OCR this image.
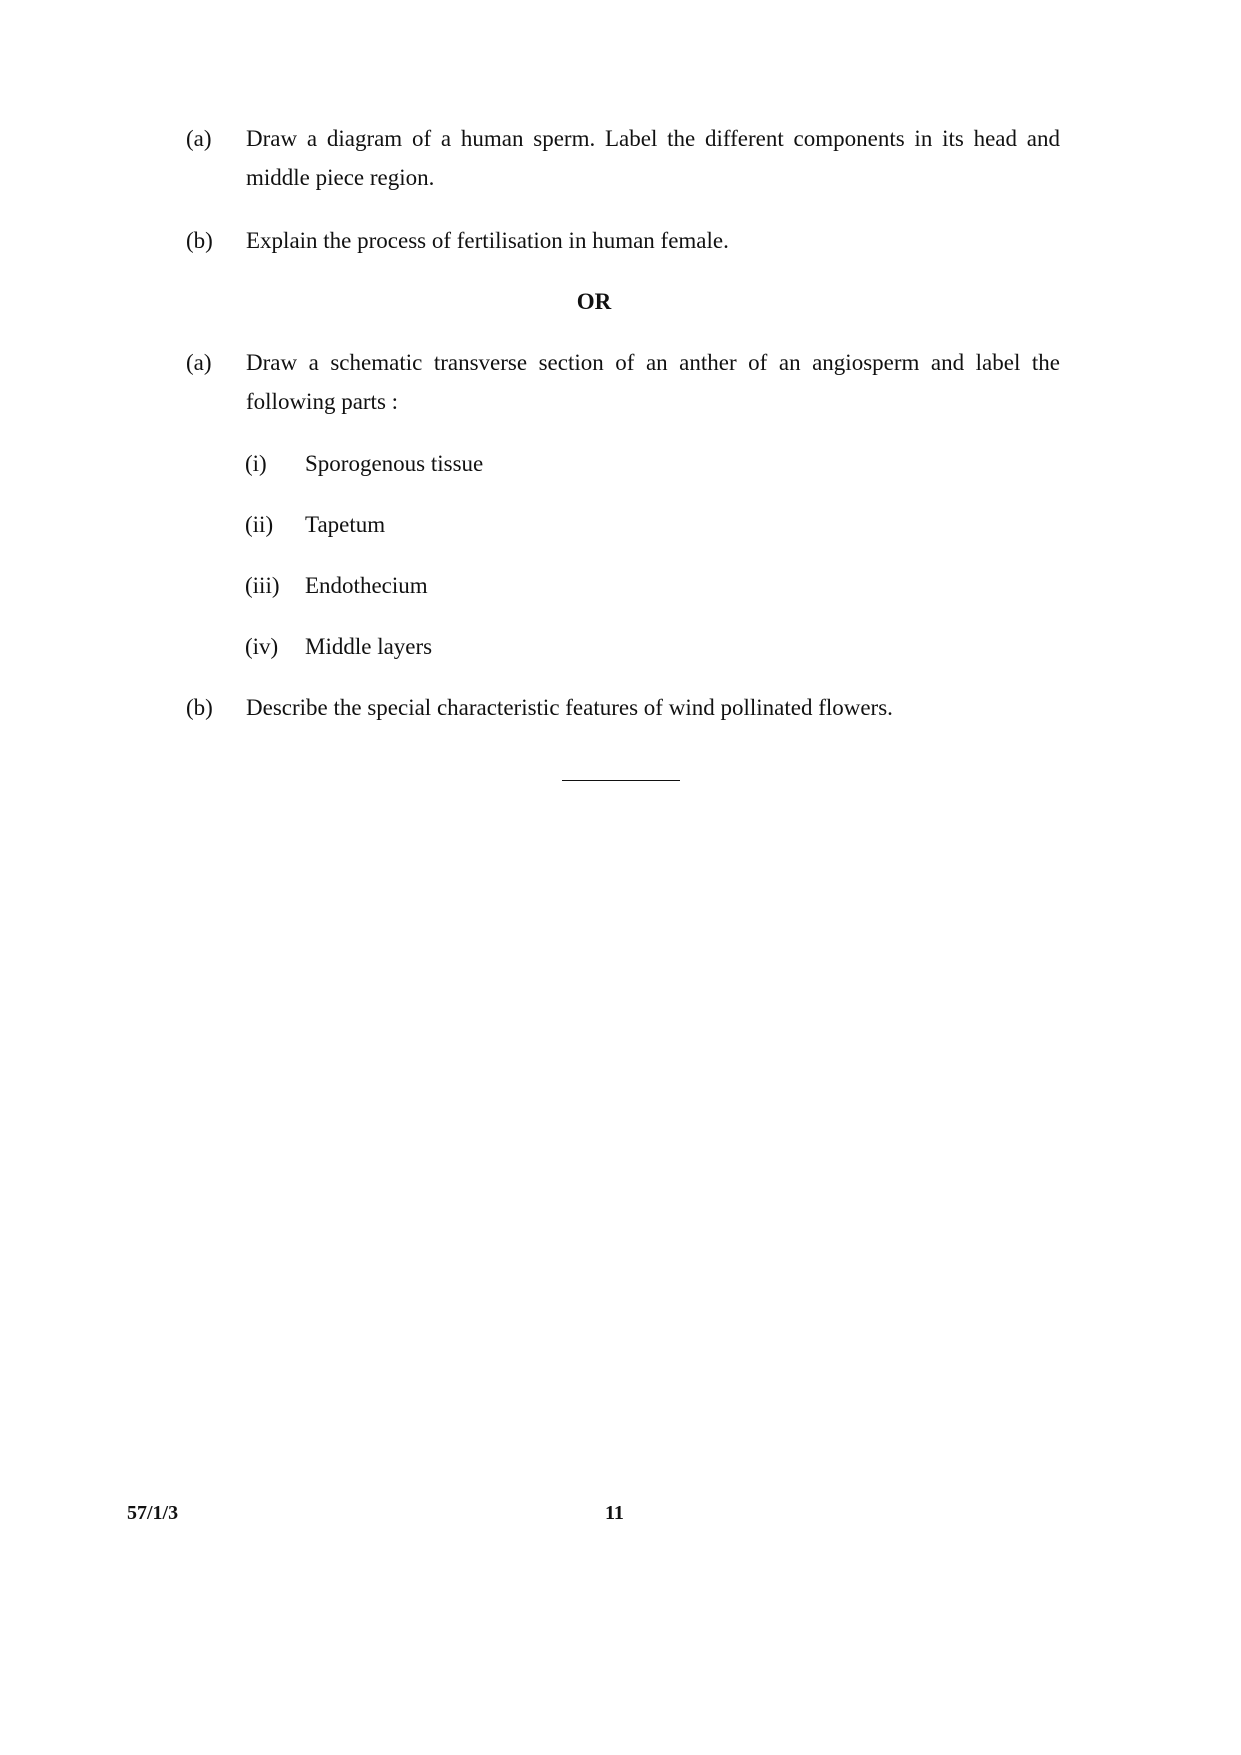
(a)	Draw a diagram of a human sperm. Label the different components in its head and middle piece region.
(b)	Explain the process of fertilisation in human female.
OR
(a)	Draw a schematic transverse section of an anther of an angiosperm and label the following parts :
(i)	Sporogenous tissue
(ii)	Tapetum
(iii)	Endothecium
(iv)	Middle layers
(b)	Describe the special characteristic features of wind pollinated flowers.
57/1/3	11
